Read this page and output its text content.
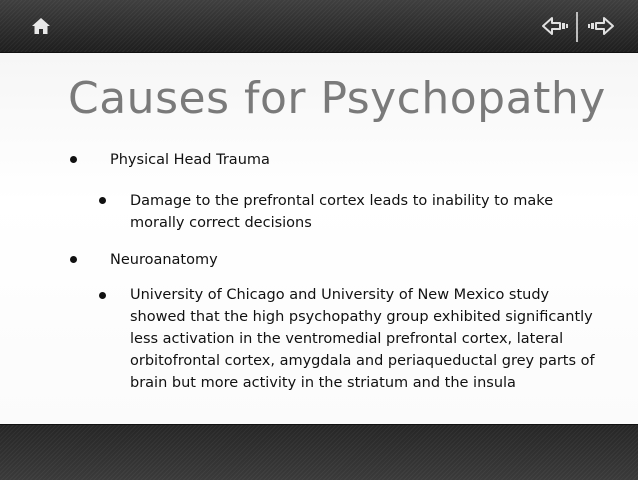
Causes for Psychopathy
Physical Head Trauma
Damage to the prefrontal cortex leads to inability to make
morally correct decisions
Neuroanatomy
University of Chicago and University of New Mexico study
showed that the high psychopathy group exhibited significantly
less activation in the ventromedial prefrontal cortex, lateral
orbitofrontal cortex, amygdala and periaqueductal grey parts of
brain but more activity in the striatum and the insula
